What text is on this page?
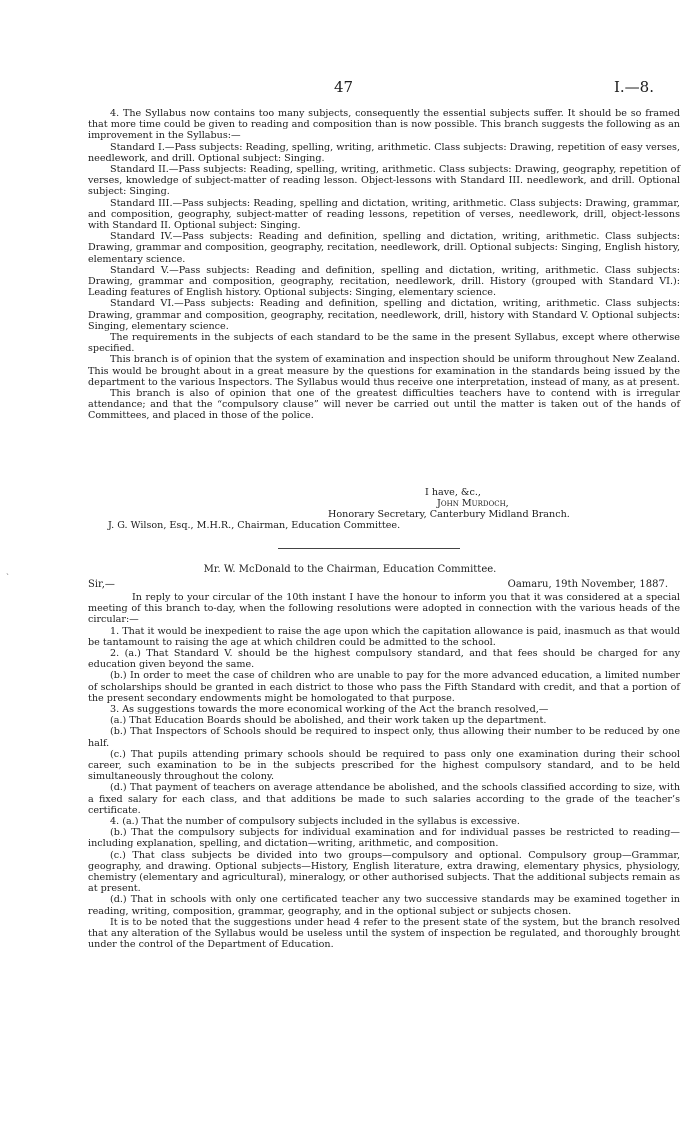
47	I.—8.

4. The Syllabus now contains too many subjects, consequently the essential subjects suffer. It should be so framed that more time could be given to reading and composition than is now possible. This branch suggests the following as an improvement in the Syllabus:—

Standard I.—Pass subjects: Reading, spelling, writing, arithmetic. Class subjects: Drawing, repetition of easy verses, needlework, and drill. Optional subject: Singing.

Standard II.—Pass subjects: Reading, spelling, writing, arithmetic. Class subjects: Drawing, geography, repetition of verses, knowledge of subject-matter of reading lesson. Object-lessons with Standard III. needlework, and drill. Optional subject: Singing.

Standard III.—Pass subjects: Reading, spelling and dictation, writing, arithmetic. Class subjects: Drawing, grammar, and composition, geography, subject-matter of reading lessons, repetition of verses, needlework, drill, object-lessons with Standard II. Optional subject: Singing.

Standard IV.—Pass subjects: Reading and definition, spelling and dictation, writing, arithmetic. Class subjects: Drawing, grammar and composition, geography, recitation, needlework, drill. Optional subjects: Singing, English history, elementary science.

Standard V.—Pass subjects: Reading and definition, spelling and dictation, writing, arithmetic. Class subjects: Drawing, grammar and composition, geography, recitation, needlework, drill. History (grouped with Standard VI.): Leading features of English history. Optional subjects: Singing, elementary science.

Standard VI.—Pass subjects: Reading and definition, spelling and dictation, writing, arithmetic. Class subjects: Drawing, grammar and composition, geography, recitation, needlework, drill, history with Standard V. Optional subjects: Singing, elementary science.

The requirements in the subjects of each standard to be the same in the present Syllabus, except where otherwise specified.

This branch is of opinion that the system of examination and inspection should be uniform throughout New Zealand. This would be brought about in a great measure by the questions for examination in the standards being issued by the department to the various Inspectors. The Syllabus would thus receive one interpretation, instead of many, as at present.

This branch is also of opinion that one of the greatest difficulties teachers have to contend with is irregular attendance; and that the “compulsory clause” will never be carried out until the matter is taken out of the hands of Committees, and placed in those of the police.

I have, &c.,
John Murdoch,
Honorary Secretary, Canterbury Midland Branch.
J. G. Wilson, Esq., M.H.R., Chairman, Education Committee.
ˎ	Mr. W. McDonald to the Chairman, Education Committee.
Sir,—	Oamaru, 19th November, 1887.

In reply to your circular of the 10th instant I have the honour to inform you that it was considered at a special meeting of this branch to-day, when the following resolutions were adopted in connection with the various heads of the circular:—

1. That it would be inexpedient to raise the age upon which the capitation allowance is paid, inasmuch as that would be tantamount to raising the age at which children could be admitted to the school.

2. (a.) That Standard V. should be the highest compulsory standard, and that fees should be charged for any education given beyond the same.

(b.) In order to meet the case of children who are unable to pay for the more advanced education, a limited number of scholarships should be granted in each district to those who pass the Fifth Standard with credit, and that a portion of the present secondary endowments might be homologated to that purpose.

3. As suggestions towards the more economical working of the Act the branch resolved,—

(a.) That Education Boards should be abolished, and their work taken up the department.

(b.) That Inspectors of Schools should be required to inspect only, thus allowing their number to be reduced by one half.

(c.) That pupils attending primary schools should be required to pass only one examination during their school career, such examination to be in the subjects prescribed for the highest compulsory standard, and to be held simultaneously throughout the colony.

(d.) That payment of teachers on average attendance be abolished, and the schools classified according to size, with a fixed salary for each class, and that additions be made to such salaries according to the grade of the teacher’s certificate.

4. (a.) That the number of compulsory subjects included in the syllabus is excessive.

(b.) That the compulsory subjects for individual examination and for individual passes be restricted to reading—including explanation, spelling, and dictation—writing, arithmetic, and composition.

(c.) That class subjects be divided into two groups—compulsory and optional. Compulsory group—Grammar, geography, and drawing. Optional subjects—History, English literature, extra drawing, elementary physics, physiology, chemistry (elementary and agricultural), mineralogy, or other authorised subjects. That the additional subjects remain as at present.

(d.) That in schools with only one certificated teacher any two successive standards may be examined together in reading, writing, composition, grammar, geography, and in the optional subject or subjects chosen.

It is to be noted that the suggestions under head 4 refer to the present state of the system, but the branch resolved that any alteration of the Syllabus would be useless until the system of inspection be regulated, and thoroughly brought under the control of the Department of Education.
